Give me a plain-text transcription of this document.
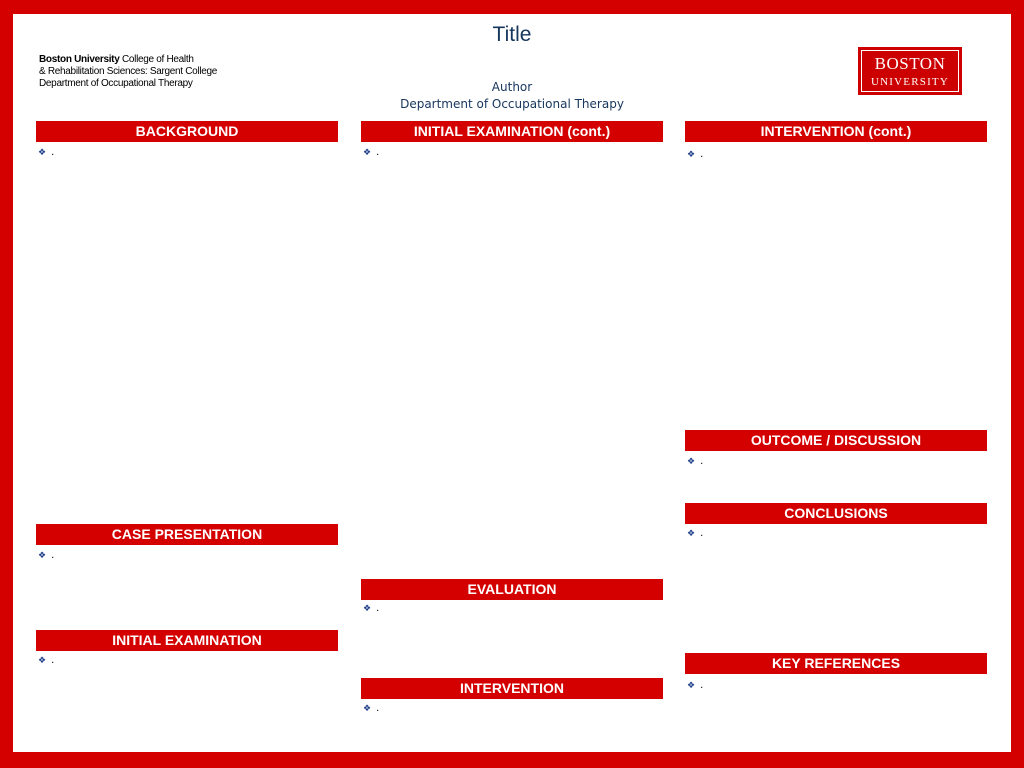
Title
Boston University College of Health
& Rehabilitation Sciences: Sargent College
Department of Occupational Therapy	Author
Department of Occupational Therapy
BOSTON
UNIVERSITY
BACKGROUND
❖ .
CASE PRESENTATION
❖ .
INITIAL EXAMINATION
❖ .
INITIAL EXAMINATION (cont.)
❖ .
EVALUATION
❖ .
INTERVENTION
❖ .
INTERVENTION (cont.)
❖ .
OUTCOME / DISCUSSION
❖ .
CONCLUSIONS
❖ .
KEY REFERENCES
❖ .
